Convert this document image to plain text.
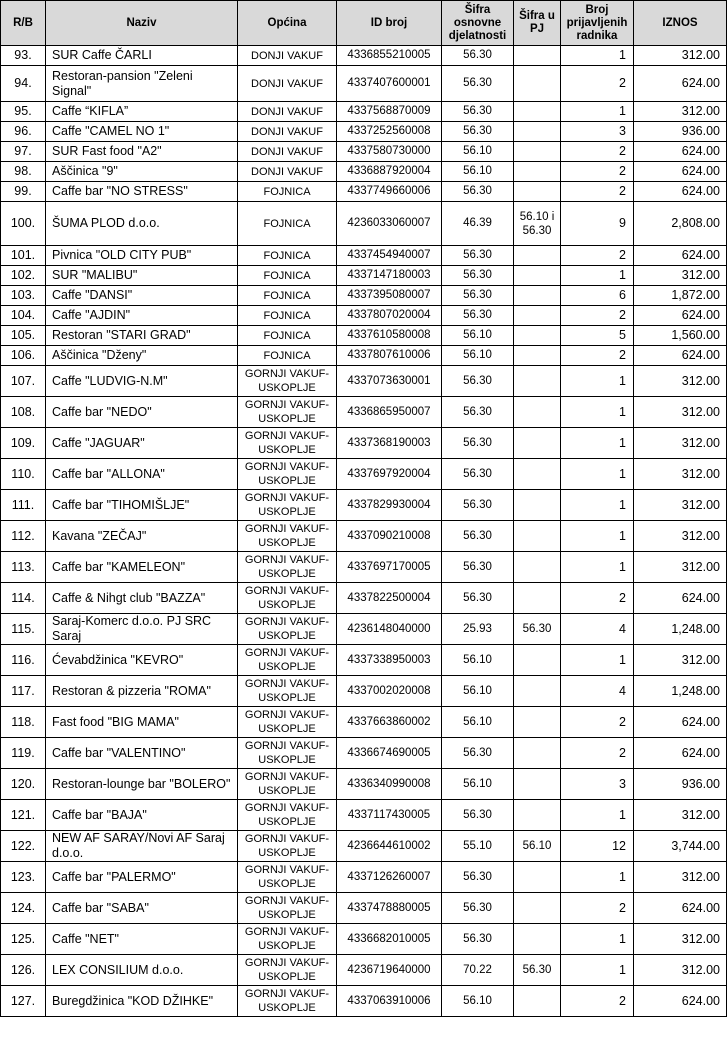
R/B	Naziv	Općina	ID broj	Šifra osnovne djelatnosti	Šifra u PJ	Broj prijavljenih radnika	IZNOS
93.	SUR Caffe ČARLI	DONJI VAKUF	4336855210005	56.30		1	312.00
94.	Restoran-pansion "Zeleni Signal"	DONJI VAKUF	4337407600001	56.30		2	624.00
95.	Caffe “KIFLA”	DONJI VAKUF	4337568870009	56.30		1	312.00
96.	Caffe "CAMEL NO 1"	DONJI VAKUF	4337252560008	56.30		3	936.00
97.	SUR Fast food "A2"	DONJI VAKUF	4337580730000	56.10		2	624.00
98.	Aščinica "9"	DONJI VAKUF	4336887920004	56.10		2	624.00
99.	Caffe bar "NO STRESS"	FOJNICA	4337749660006	56.30		2	624.00
100.	ŠUMA PLOD d.o.o.	FOJNICA	4236033060007	46.39	56.10 i 56.30	9	2,808.00
101.	Pivnica "OLD CITY PUB"	FOJNICA	4337454940007	56.30		2	624.00
102.	SUR "MALIBU"	FOJNICA	4337147180003	56.30		1	312.00
103.	Caffe "DANSI"	FOJNICA	4337395080007	56.30		6	1,872.00
104.	Caffe "AJDIN"	FOJNICA	4337807020004	56.30		2	624.00
105.	Restoran "STARI GRAD"	FOJNICA	4337610580008	56.10		5	1,560.00
106.	Aščinica "Dženy"	FOJNICA	4337807610006	56.10		2	624.00
107.	Caffe "LUDVIG-N.M"	GORNJI VAKUF-USKOPLJE	4337073630001	56.30		1	312.00
108.	Caffe bar "NEDO"	GORNJI VAKUF-USKOPLJE	4336865950007	56.30		1	312.00
109.	Caffe "JAGUAR"	GORNJI VAKUF-USKOPLJE	4337368190003	56.30		1	312.00
110.	Caffe bar "ALLONA"	GORNJI VAKUF-USKOPLJE	4337697920004	56.30		1	312.00
111.	Caffe bar "TIHOMIŠLJE"	GORNJI VAKUF-USKOPLJE	4337829930004	56.30		1	312.00
112.	Kavana "ZEČAJ"	GORNJI VAKUF-USKOPLJE	4337090210008	56.30		1	312.00
113.	Caffe bar "KAMELEON"	GORNJI VAKUF-USKOPLJE	4337697170005	56.30		1	312.00
114.	Caffe & Nihgt club "BAZZA"	GORNJI VAKUF-USKOPLJE	4337822500004	56.30		2	624.00
115.	Saraj-Komerc d.o.o. PJ SRC Saraj	GORNJI VAKUF-USKOPLJE	4236148040000	25.93	56.30	4	1,248.00
116.	Ćevabdžinica "KEVRO"	GORNJI VAKUF-USKOPLJE	4337338950003	56.10		1	312.00
117.	Restoran & pizzeria "ROMA"	GORNJI VAKUF-USKOPLJE	4337002020008	56.10		4	1,248.00
118.	Fast food "BIG MAMA"	GORNJI VAKUF-USKOPLJE	4337663860002	56.10		2	624.00
119.	Caffe bar "VALENTINO"	GORNJI VAKUF-USKOPLJE	4336674690005	56.30		2	624.00
120.	Restoran-lounge bar "BOLERO"	GORNJI VAKUF-USKOPLJE	4336340990008	56.10		3	936.00
121.	Caffe bar "BAJA"	GORNJI VAKUF-USKOPLJE	4337117430005	56.30		1	312.00
122.	NEW AF SARAY/Novi AF Saraj d.o.o.	GORNJI VAKUF-USKOPLJE	4236644610002	55.10	56.10	12	3,744.00
123.	Caffe bar "PALERMO"	GORNJI VAKUF-USKOPLJE	4337126260007	56.30		1	312.00
124.	Caffe bar "SABA"	GORNJI VAKUF-USKOPLJE	4337478880005	56.30		2	624.00
125.	Caffe "NET"	GORNJI VAKUF-USKOPLJE	4336682010005	56.30		1	312.00
126.	LEX CONSILIUM d.o.o.	GORNJI VAKUF-USKOPLJE	4236719640000	70.22	56.30	1	312.00
127.	Buregdžinica "KOD DŽIHKE"	GORNJI VAKUF-USKOPLJE	4337063910006	56.10		2	624.00
